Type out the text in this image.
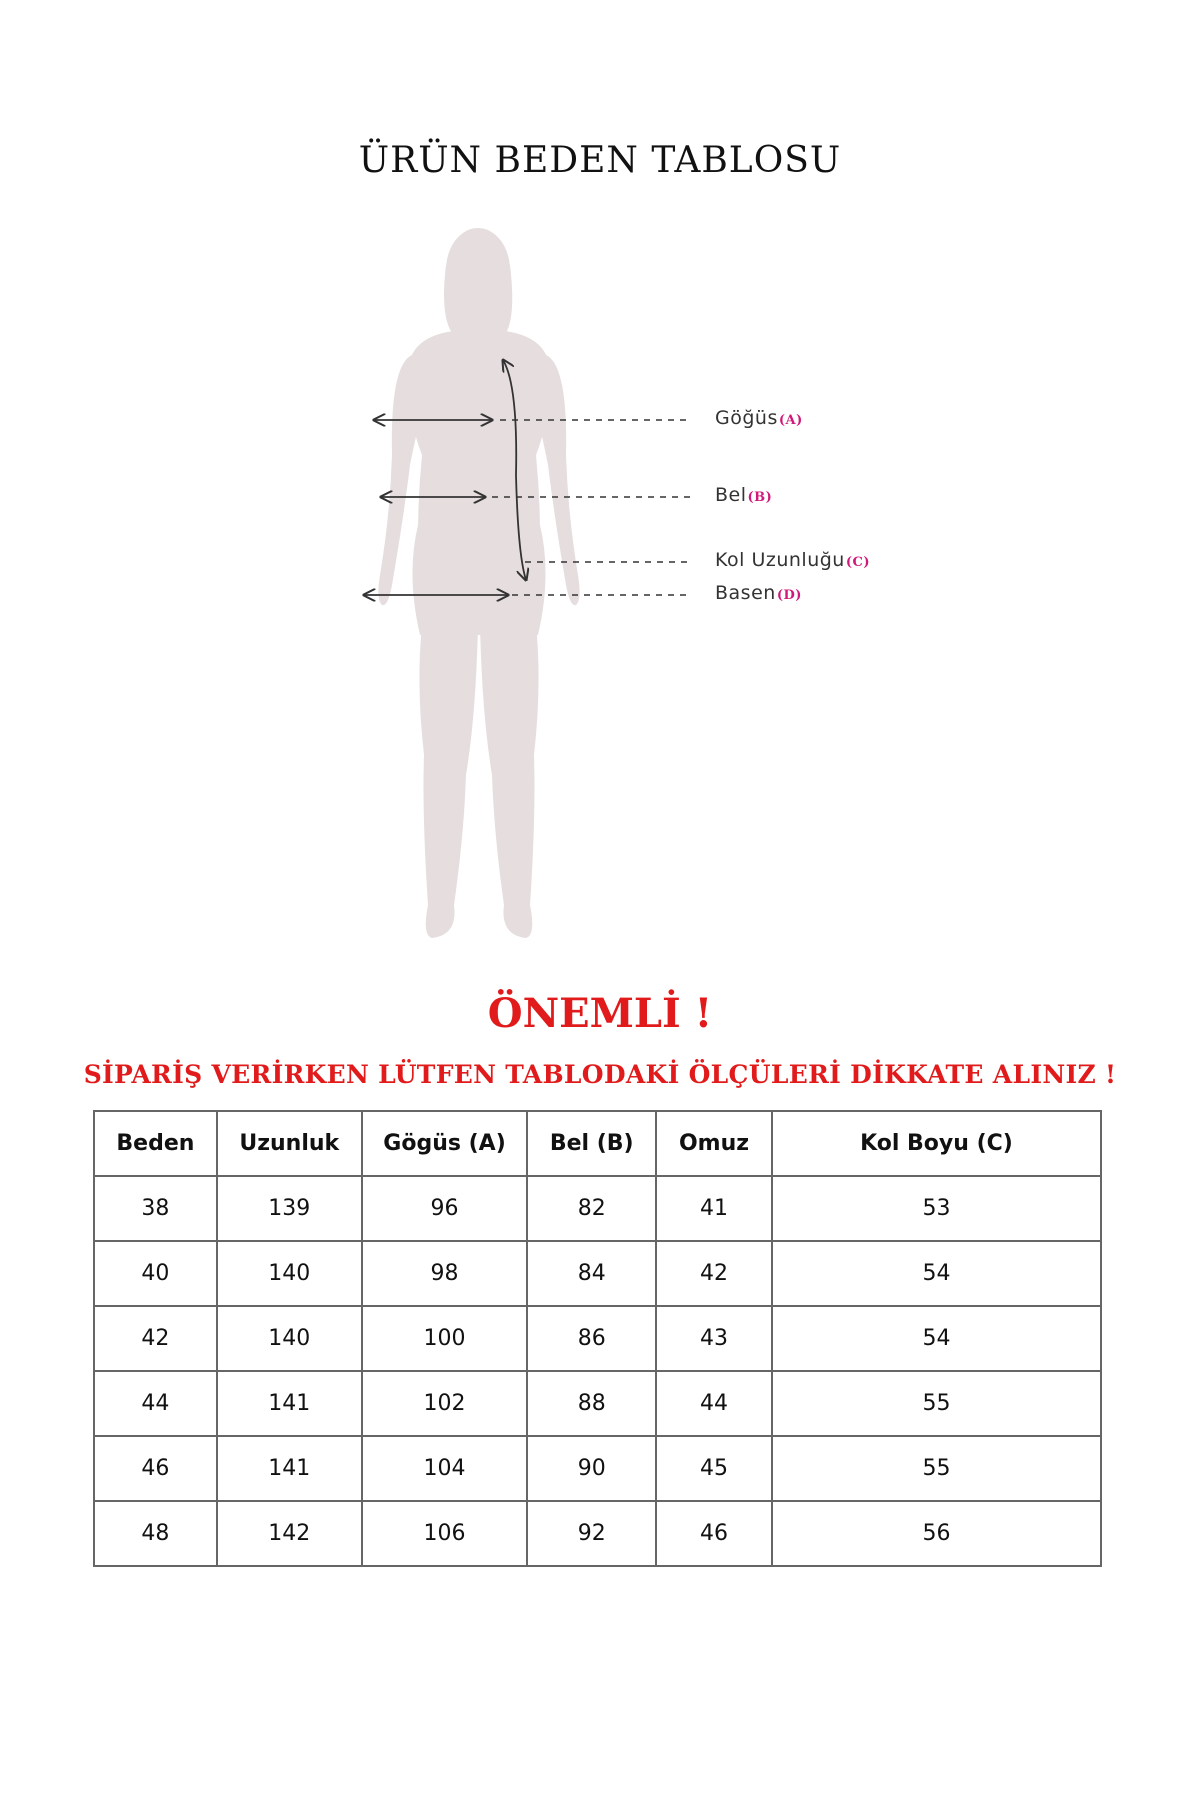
ÜRÜN BEDEN TABLOSU
Göğüs(A)
Bel(B)
Kol Uzunluğu(C)
Basen(D)
ÖNEMLİ !
SİPARİŞ VERİRKEN LÜTFEN TABLODAKİ ÖLÇÜLERİ DİKKATE ALINIZ !
Beden	Uzunluk	Gögüs (A)	Bel (B)	Omuz	Kol Boyu (C)
38	139	96	82	41	53
40	140	98	84	42	54
42	140	100	86	43	54
44	141	102	88	44	55
46	141	104	90	45	55
48	142	106	92	46	56
